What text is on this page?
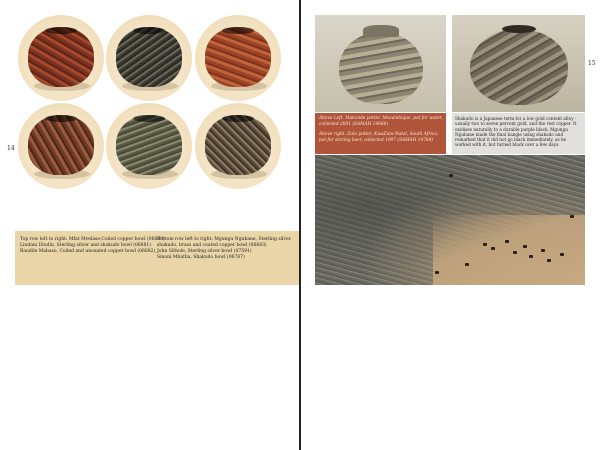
14
Top row left to right: Mfat Mvelase,Coiled copper bowl (06680)
Lindani Dludlu, Sterling silver and shakudo bowl (06681)
Bandile Mabaso, Coiled and unoxated copper bowl (06682)
Bottom row left to right: Mgungu Ngubane, Sterling silver,
shakudo, brass and coated copper bowl (06683)
John Sithole, Sterling silver bowl (07591)
Sinoni Mbatha, Shakudo bowl (06787)
15
Above Left. Makonde potter, Mozambique, pot for water,
collected 2001 (SAMAH 14966)
Above right. Zulu potter, KwaZulu-Natal, South Africa,
pot for storing beer, collected 1997 (SAMAH 14784)
Shakudo is a Japanese term for a low gold content alloy - usually two to seven percent gold, and the rest copper. It oxidises naturally to a durable purple black. Mgungu Ngubane made the final bangle using shakudo and remarked that it did not go black immediately, as he worked with it, but turned black over a few days.
